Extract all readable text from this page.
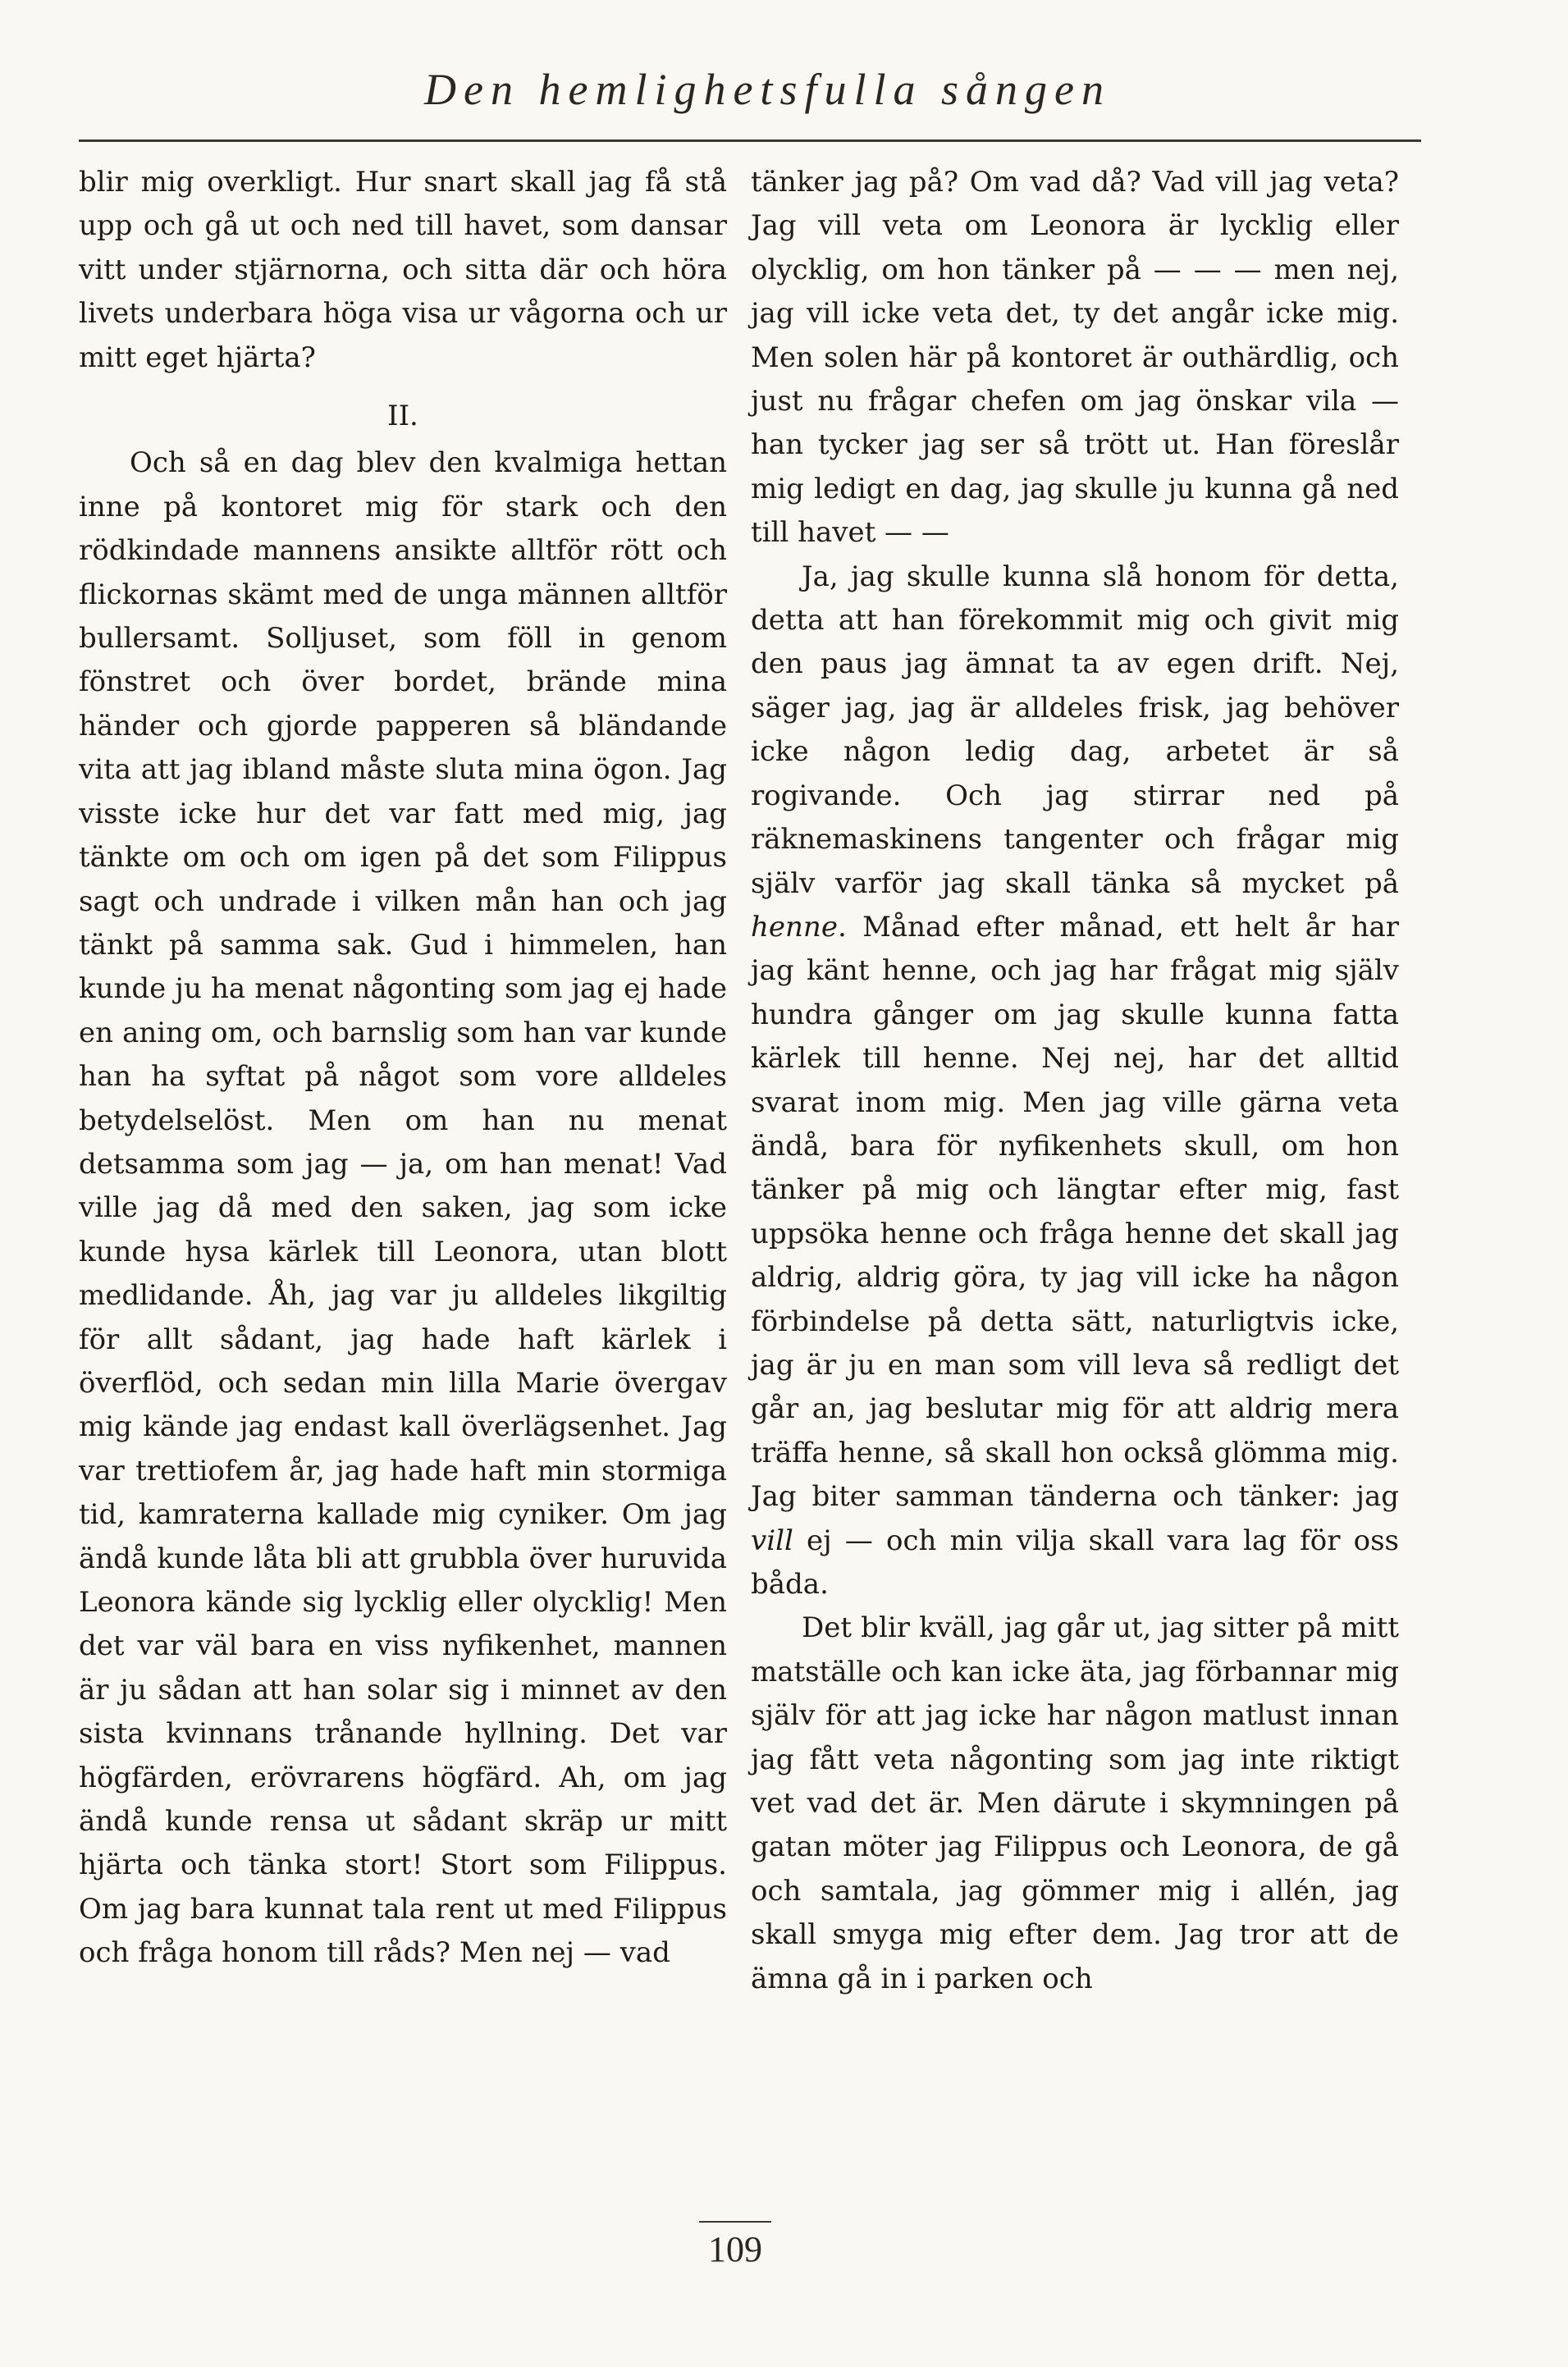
Den hemlighetsfulla sången

blir mig overkligt. Hur snart skall jag få stå upp och gå ut och ned till havet, som dansar vitt under stjärnorna, och sitta där och höra livets underbara höga visa ur vågorna och ur mitt eget hjärta?

II.

Och så en dag blev den kvalmiga hettan inne på kontoret mig för stark och den rödkindade mannens ansikte alltför rött och flickornas skämt med de unga männen alltför bullersamt. Solljuset, som föll in genom fönstret och över bordet, brände mina händer och gjorde papperen så bländande vita att jag ibland måste sluta mina ögon. Jag visste icke hur det var fatt med mig, jag tänkte om och om igen på det som Filippus sagt och undrade i vilken mån han och jag tänkt på samma sak. Gud i himmelen, han kunde ju ha menat någonting som jag ej hade en aning om, och barnslig som han var kunde han ha syftat på något som vore alldeles betydelselöst. Men om han nu menat detsamma som jag — ja, om han menat! Vad ville jag då med den saken, jag som icke kunde hysa kärlek till Leonora, utan blott medlidande. Åh, jag var ju alldeles likgiltig för allt sådant, jag hade haft kärlek i överflöd, och sedan min lilla Marie övergav mig kände jag endast kall överlägsenhet. Jag var trettiofem år, jag hade haft min stormiga tid, kamraterna kallade mig cyniker. Om jag ändå kunde låta bli att grubbla över huruvida Leonora kände sig lycklig eller olycklig! Men det var väl bara en viss nyfikenhet, mannen är ju sådan att han solar sig i minnet av den sista kvinnans trånande hyllning. Det var högfärden, erövrarens högfärd. Ah, om jag ändå kunde rensa ut sådant skräp ur mitt hjärta och tänka stort! Stort som Filippus. Om jag bara kunnat tala rent ut med Filippus och fråga honom till råds? Men nej — vad

tänker jag på? Om vad då? Vad vill jag veta? Jag vill veta om Leonora är lycklig eller olycklig, om hon tänker på — — — men nej, jag vill icke veta det, ty det angår icke mig. Men solen här på kontoret är outhärdlig, och just nu frågar chefen om jag önskar vila — han tycker jag ser så trött ut. Han föreslår mig ledigt en dag, jag skulle ju kunna gå ned till havet — —

Ja, jag skulle kunna slå honom för detta, detta att han förekommit mig och givit mig den paus jag ämnat ta av egen drift. Nej, säger jag, jag är alldeles frisk, jag behöver icke någon ledig dag, arbetet är så rogivande. Och jag stirrar ned på räknemaskinens tangenter och frågar mig själv varför jag skall tänka så mycket på henne. Månad efter månad, ett helt år har jag känt henne, och jag har frågat mig själv hundra gånger om jag skulle kunna fatta kärlek till henne. Nej nej, har det alltid svarat inom mig. Men jag ville gärna veta ändå, bara för nyfikenhets skull, om hon tänker på mig och längtar efter mig, fast uppsöka henne och fråga henne det skall jag aldrig, aldrig göra, ty jag vill icke ha någon förbindelse på detta sätt, naturligtvis icke, jag är ju en man som vill leva så redligt det går an, jag beslutar mig för att aldrig mera träffa henne, så skall hon också glömma mig. Jag biter samman tänderna och tänker: jag vill ej — och min vilja skall vara lag för oss båda.

Det blir kväll, jag går ut, jag sitter på mitt matställe och kan icke äta, jag förbannar mig själv för att jag icke har någon matlust innan jag fått veta någonting som jag inte riktigt vet vad det är. Men därute i skymningen på gatan möter jag Filippus och Leonora, de gå och samtala, jag gömmer mig i allén, jag skall smyga mig efter dem. Jag tror att de ämna gå in i parken och

109
